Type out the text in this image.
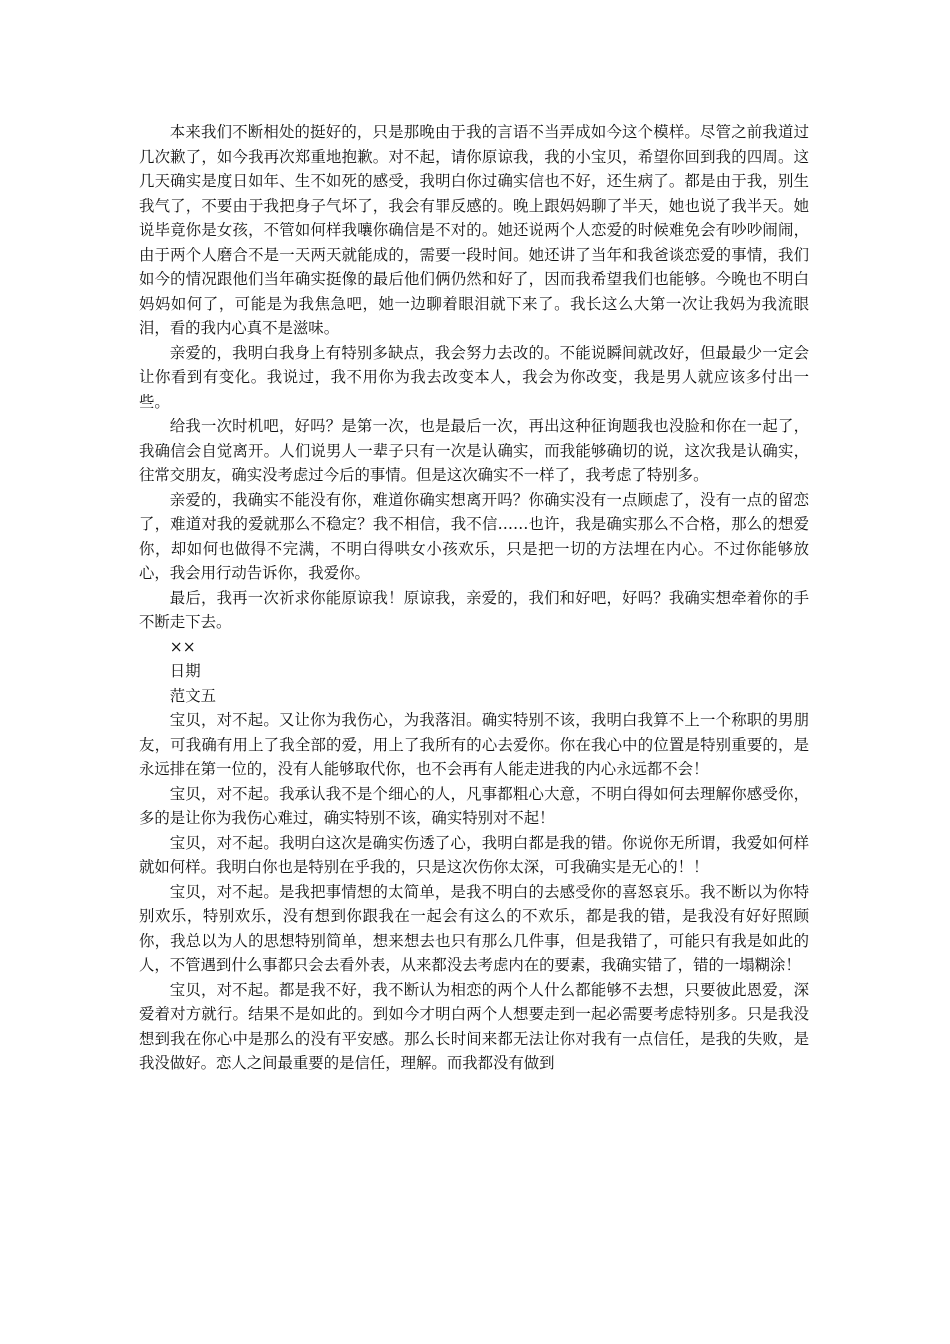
本来我们不断相处的挺好的，只是那晚由于我的言语不当弄成如今这个模样。尽管之前我道过几次歉了，如今我再次郑重地抱歉。对不起，请你原谅我，我的小宝贝，希望你回到我的四周。这几天确实是度日如年、生不如死的感受，我明白你过确实信也不好，还生病了。都是由于我，别生我气了，不要由于我把身子气坏了，我会有罪反感的。晚上跟妈妈聊了半天，她也说了我半天。她说毕竟你是女孩，不管如何样我嚷你确信是不对的。她还说两个人恋爱的时候难免会有吵吵闹闹，由于两个人磨合不是一天两天就能成的，需要一段时间。她还讲了当年和我爸谈恋爱的事情，我们如今的情况跟他们当年确实挺像的最后他们俩仍然和好了，因而我希望我们也能够。今晚也不明白妈妈如何了，可能是为我焦急吧，她一边聊着眼泪就下来了。我长这么大第一次让我妈为我流眼泪，看的我内心真不是滋味。

亲爱的，我明白我身上有特别多缺点，我会努力去改的。不能说瞬间就改好，但最最少一定会让你看到有变化。我说过，我不用你为我去改变本人，我会为你改变，我是男人就应该多付出一些。

给我一次时机吧，好吗？是第一次，也是最后一次，再出这种征询题我也没脸和你在一起了，我确信会自觉离开。人们说男人一辈子只有一次是认确实，而我能够确切的说，这次我是认确实，往常交朋友，确实没考虑过今后的事情。但是这次确实不一样了，我考虑了特别多。

亲爱的，我确实不能没有你，难道你确实想离开吗？你确实没有一点顾虑了，没有一点的留恋了，难道对我的爱就那么不稳定？我不相信，我不信……也许，我是确实那么不合格，那么的想爱你，却如何也做得不完满，不明白得哄女小孩欢乐，只是把一切的方法埋在内心。不过你能够放心，我会用行动告诉你，我爱你。

最后，我再一次祈求你能原谅我！原谅我，亲爱的，我们和好吧，好吗？我确实想牵着你的手不断走下去。

××

日期

范文五

宝贝，对不起。又让你为我伤心，为我落泪。确实特别不该，我明白我算不上一个称职的男朋友，可我确有用上了我全部的爱，用上了我所有的心去爱你。你在我心中的位置是特别重要的，是永远排在第一位的，没有人能够取代你，也不会再有人能走进我的内心永远都不会！

宝贝，对不起。我承认我不是个细心的人，凡事都粗心大意，不明白得如何去理解你感受你，多的是让你为我伤心难过，确实特别不该，确实特别对不起！

宝贝，对不起。我明白这次是确实伤透了心，我明白都是我的错。你说你无所谓，我爱如何样就如何样。我明白你也是特别在乎我的，只是这次伤你太深，可我确实是无心的！！

宝贝，对不起。是我把事情想的太简单，是我不明白的去感受你的喜怒哀乐。我不断以为你特别欢乐，特别欢乐，没有想到你跟我在一起会有这么的不欢乐，都是我的错，是我没有好好照顾你，我总以为人的思想特别简单，想来想去也只有那么几件事，但是我错了，可能只有我是如此的人，不管遇到什么事都只会去看外表，从来都没去考虑内在的要素，我确实错了，错的一塌糊涂！

宝贝，对不起。都是我不好，我不断认为相恋的两个人什么都能够不去想，只要彼此恩爱，深爱着对方就行。结果不是如此的。到如今才明白两个人想要走到一起必需要考虑特别多。只是我没想到我在你心中是那么的没有平安感。那么长时间来都无法让你对我有一点信任，是我的失败，是我没做好。恋人之间最重要的是信任，理解。而我都没有做到
